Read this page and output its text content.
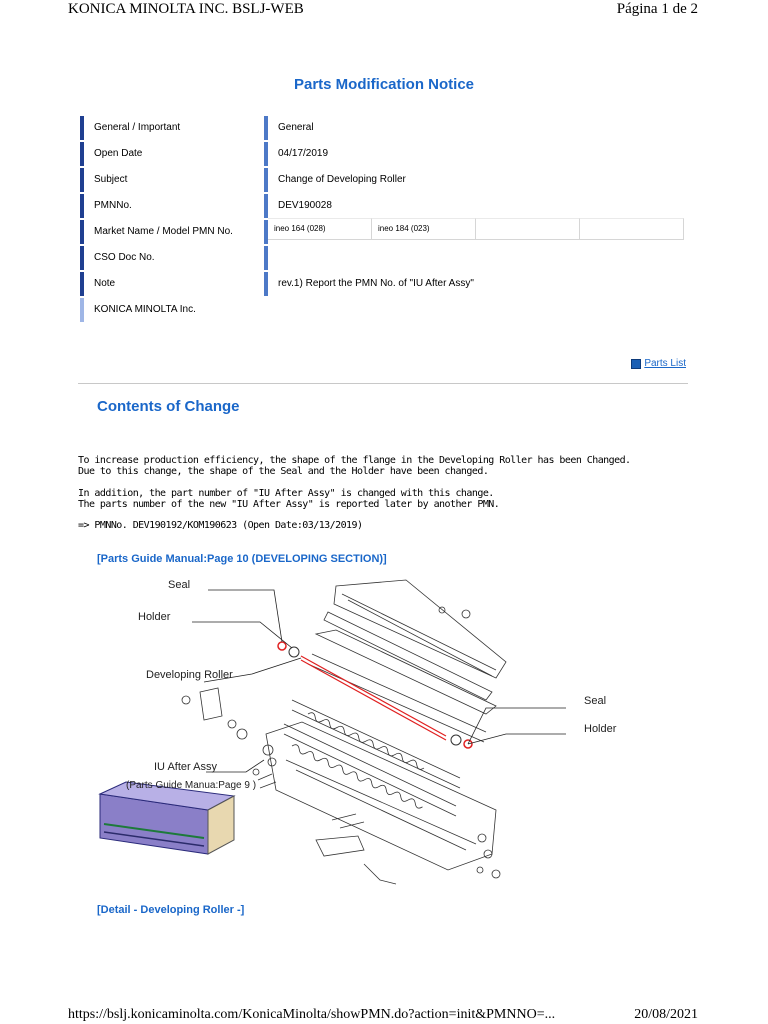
KONICA MINOLTA INC. BSLJ-WEB	Página 1 de 2
Parts Modification Notice
General / Important	General
Open Date	04/17/2019
Subject	Change of Developing Roller
PMNNo.	DEV190028
Market Name / Model PMN No.	ineo 164 (028)	ineo 184 (023)
CSO Doc No.
Note	rev.1) Report the PMN No. of "IU After Assy"
KONICA MINOLTA Inc.
Parts List
Contents of Change
To increase production efficiency, the shape of the flange in the Developing Roller has been Changed.
Due to this change, the shape of the Seal and the Holder have been changed.
In addition, the part number of "IU After Assy" is changed with this change.
The parts number of the new "IU After Assy" is reported later by another PMN.
=> PMNNo. DEV190192/KOM190623 (Open Date:03/13/2019)
[Parts Guide Manual:Page 10 (DEVELOPING SECTION)]
Seal
Holder
Developing Roller
Seal
Holder
IU After Assy
(Parts Guide Manua:Page 9 )
[Detail - Developing Roller -]
https://bslj.konicaminolta.com/KonicaMinolta/showPMN.do?action=init&PMNNO=...	20/08/2021
